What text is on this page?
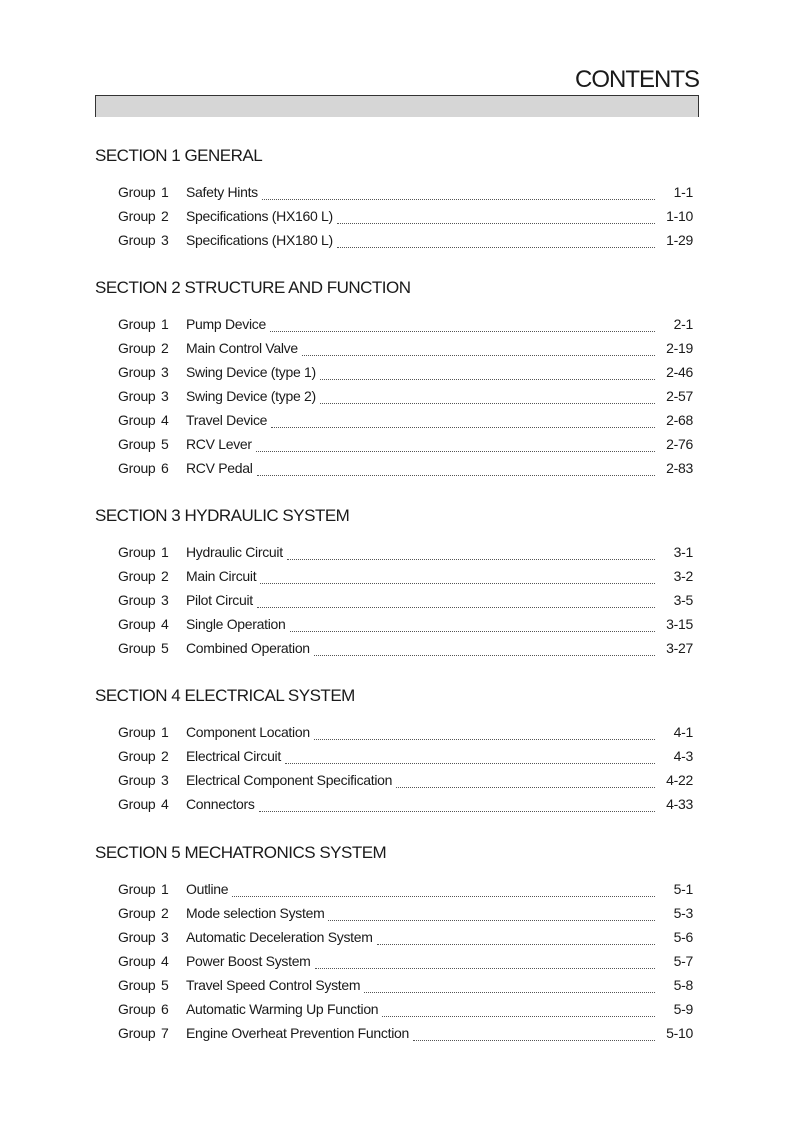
CONTENTS
SECTION 1 GENERAL
Group 1	Safety Hints	1-1
Group 2	Specifications (HX160 L)	1-10
Group 3	Specifications (HX180 L)	1-29
SECTION 2 STRUCTURE AND FUNCTION
Group 1	Pump Device	2-1
Group 2	Main Control Valve	2-19
Group 3	Swing Device (type 1)	2-46
Group 3	Swing Device (type 2)	2-57
Group 4	Travel Device	2-68
Group 5	RCV Lever	2-76
Group 6	RCV Pedal	2-83
SECTION 3 HYDRAULIC SYSTEM
Group 1	Hydraulic Circuit	3-1
Group 2	Main Circuit	3-2
Group 3	Pilot Circuit	3-5
Group 4	Single Operation	3-15
Group 5	Combined Operation	3-27
SECTION 4 ELECTRICAL SYSTEM
Group 1	Component Location	4-1
Group 2	Electrical Circuit	4-3
Group 3	Electrical Component Specification	4-22
Group 4	Connectors	4-33
SECTION 5 MECHATRONICS SYSTEM
Group 1	Outline	5-1
Group 2	Mode selection System	5-3
Group 3	Automatic Deceleration System	5-6
Group 4	Power Boost System	5-7
Group 5	Travel Speed Control System	5-8
Group 6	Automatic Warming Up Function	5-9
Group 7	Engine Overheat Prevention Function	5-10
